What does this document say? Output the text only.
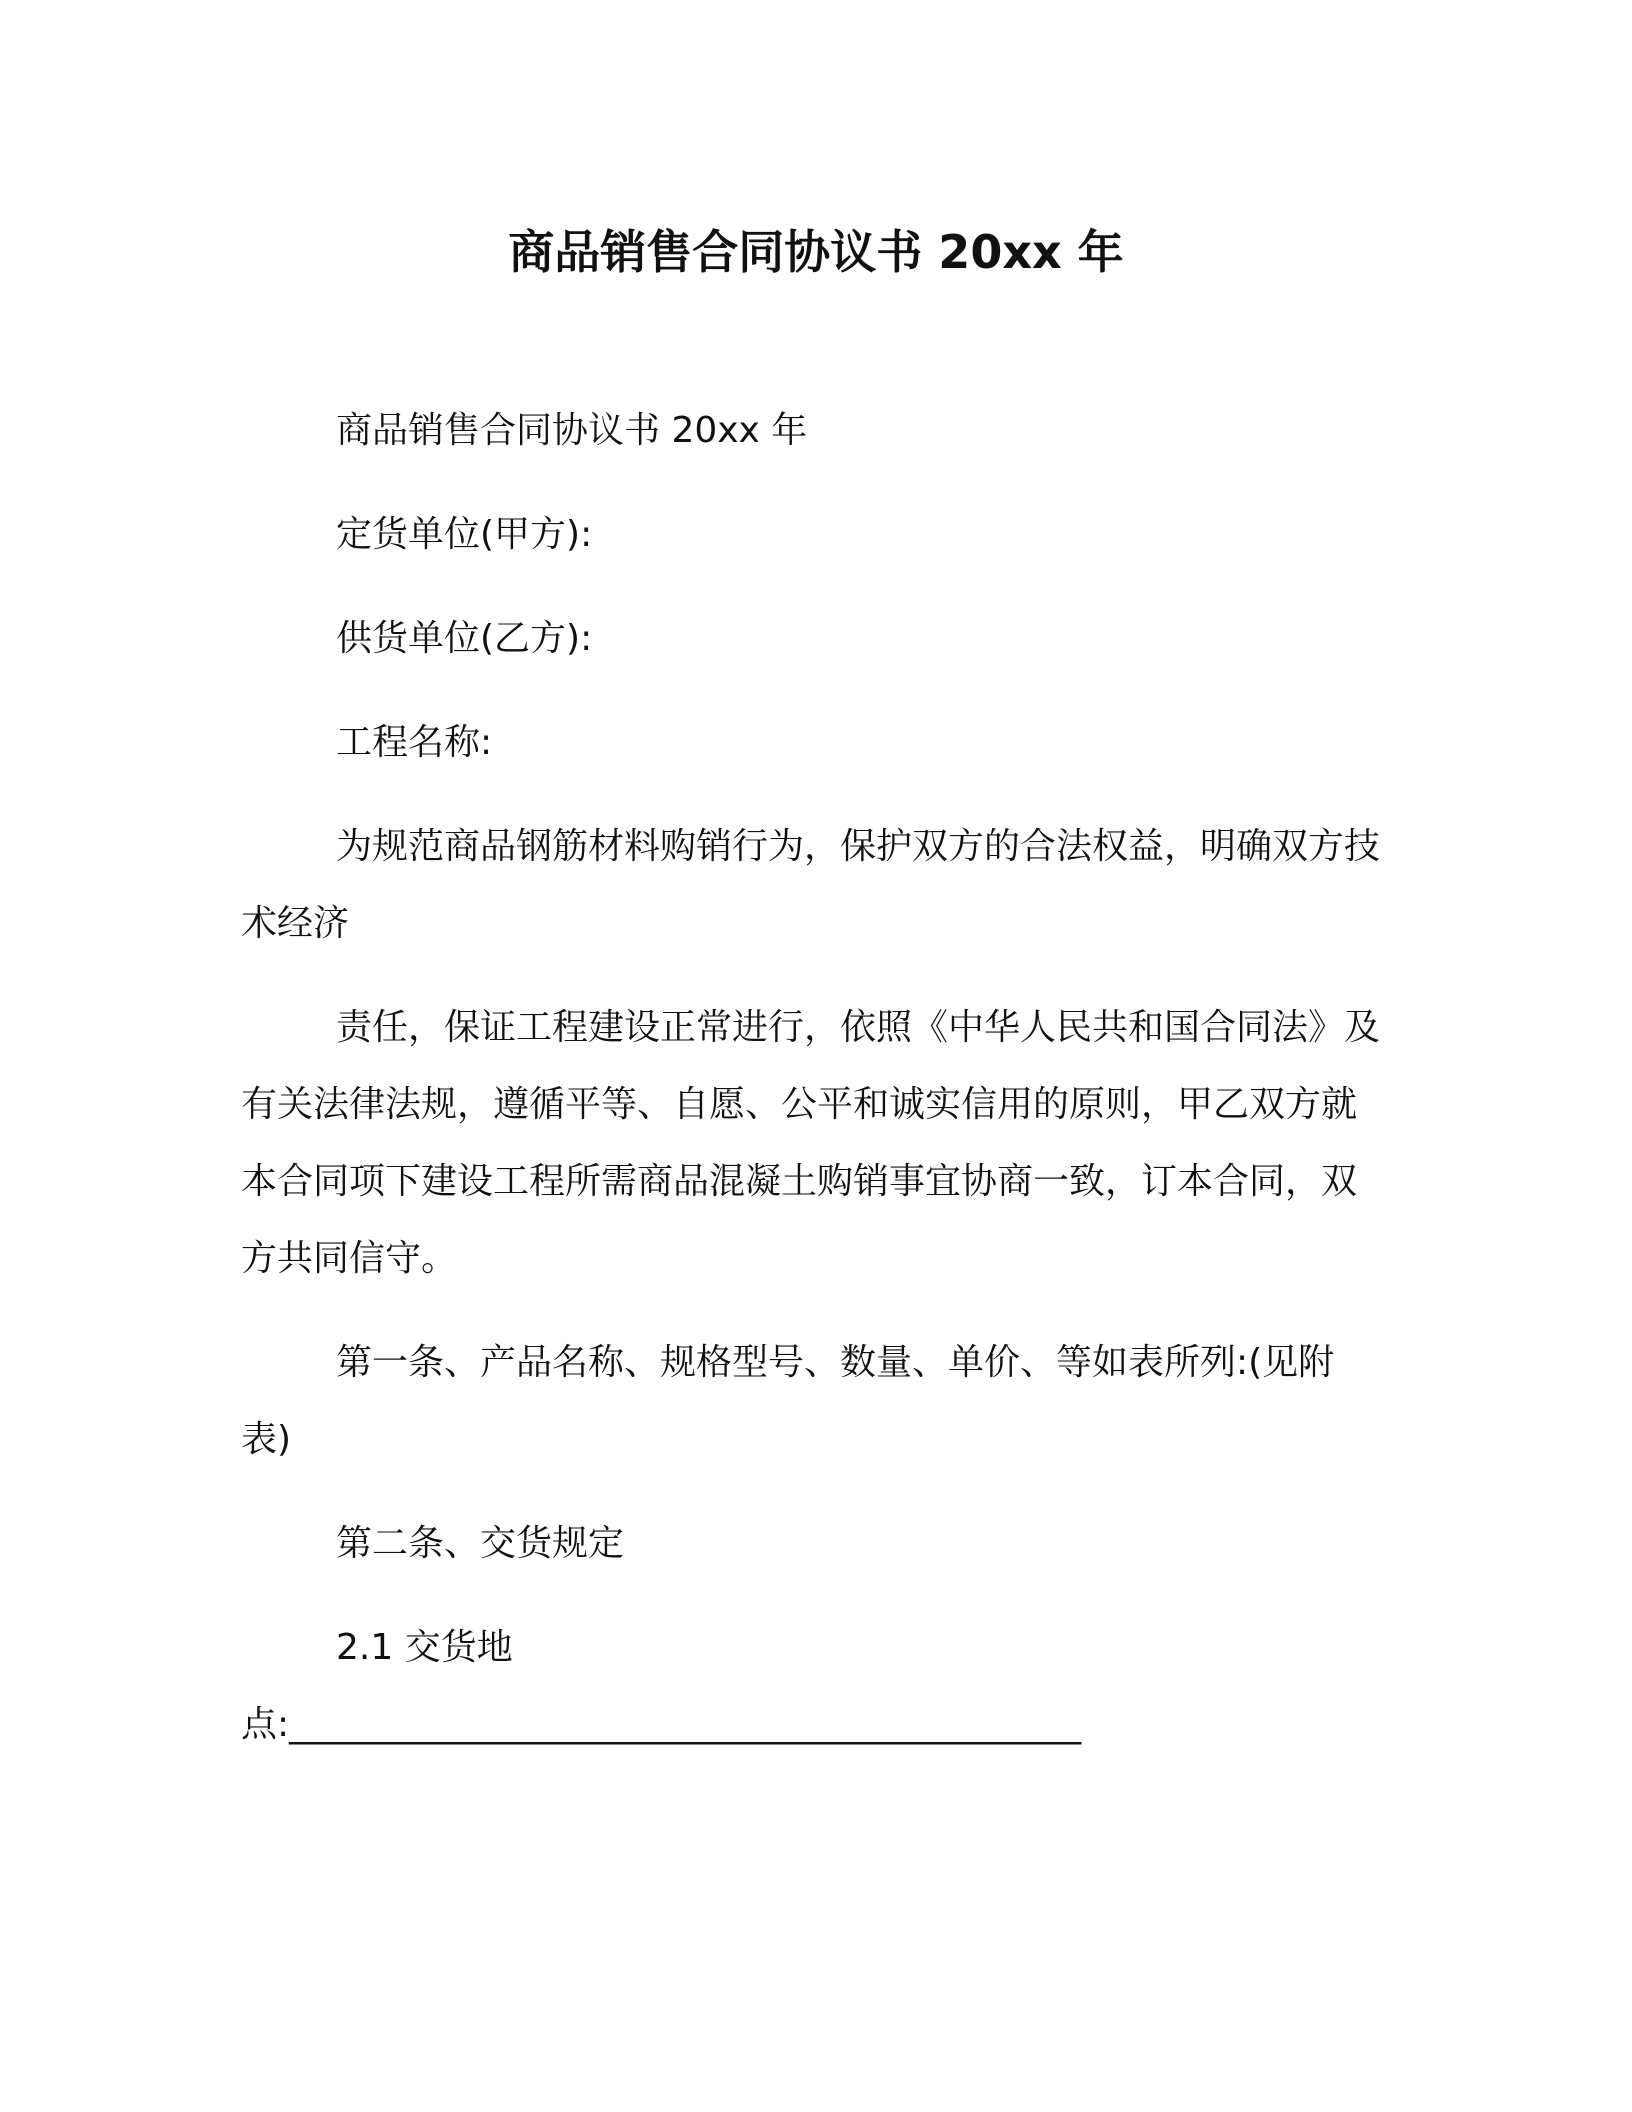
商品销售合同协议书 20xx 年

商品销售合同协议书 20xx 年

定货单位(甲方):

供货单位(乙方):

工程名称:

为规范商品钢筋材料购销行为，保护双方的合法权益，明确双方技术经济

责任，保证工程建设正常进行，依照《中华人民共和国合同法》及有关法律法规，遵循平等、自愿、公平和诚实信用的原则，甲乙双方就本合同项下建设工程所需商品混凝土购销事宜协商一致，订本合同，双方共同信守。

第一条、产品名称、规格型号、数量、单价、等如表所列:(见附表)

第二条、交货规定

2.1 交货地

点:____________________________________________
